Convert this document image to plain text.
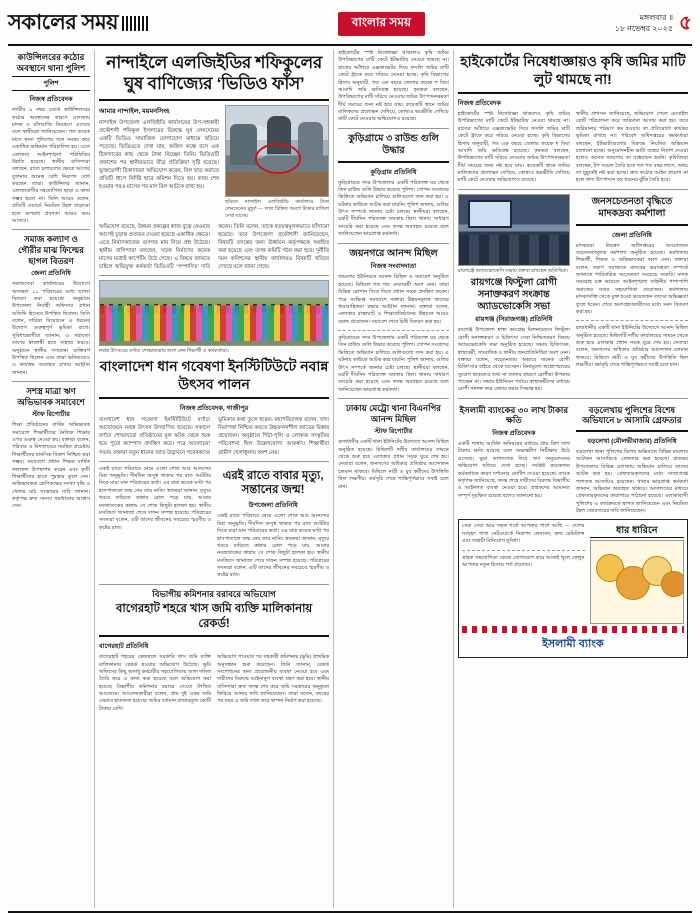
সকালের সময়	বাংলার সময়	মঙ্গলবার ॥
১৮ নভেম্বর ২০২৫ ৫
কাউন্সিলরের কঠোর অবস্থানে থানা পুলিশ
পুলিশ
নিজস্ব প্রতিবেদক
নগরীর ৯ নম্বর ওয়ার্ড কাউন্সিলরের কঠোর অবস্থানের কারণে এলাকায় মাদক ও চাঁদাবাজি নিয়ন্ত্রণে এসেছে বলে স্থানীয়রা জানিয়েছেন। গত কয়েক মাসে থানা পুলিশের সঙ্গে সমন্বয় করে একাধিক অভিযান পরিচালিত হয়। এতে এলাকার আইনশৃঙ্খলা পরিস্থিতির উন্নতি হয়েছে। স্থানীয় বাসিন্দারা বলছেন, রাতে চলাচলের ক্ষেত্রে আগের তুলনায় অনেক বেশি নিরাপদ বোধ করছেন তারা। কাউন্সিলর জানান, এলাকাবাসীর সহযোগিতা ছাড়া এ কাজ সম্ভব হতো না। তিনি আরও বলেন, প্রতিটি ওয়ার্ডে নিয়মিত টহল বাড়ানো হলে অপরাধ প্রবণতা আরও কমে আসবে।
সমাজ কল্যাণ ও গৌরীর মাঝ ফিল্মের ছাগল বিতরণ
জেলা প্রতিনিধি
সমাজসেবা কার্যালয়ের উদ্যোগে অসচ্ছল ১১ পরিবারের মধ্যে ছাগল বিতরণ করা হয়েছে। অনুষ্ঠানে উপজেলা নির্বাহী অফিসার প্রধান অতিথি হিসেবে উপস্থিত ছিলেন। তিনি বলেন, দারিদ্র্য বিমোচনে এ ধরনের উদ্যোগ গুরুত্বপূর্ণ ভূমিকা রাখে। সুবিধাভোগীরা জানান, এ সহায়তা তাদের স্বাবলম্বী হতে সাহায্য করবে। অনুষ্ঠানে স্থানীয় গণ্যমান্য ব্যক্তিবর্গ উপস্থিত ছিলেন এবং তারা ভবিষ্যতেও এ কার্যক্রম অব্যাহত রাখার আহ্বান জানান।
সশস্ত্র মাত্রা ঋণ অভিভাবক সমাবেশে
স্টাফ রিপোর্টার
শিক্ষা প্রতিষ্ঠানের বার্ষিক অভিভাবক সমাবেশে শিক্ষার্থীদের নৈতিক শিক্ষার ওপর গুরুত্ব দেওয়া হয়। বক্তারা বলেন, পরিবার ও বিদ্যালয়ের সমন্বিত প্রচেষ্টায় শিক্ষার্থীদের মানসিক বিকাশ নিশ্চিত করা সম্ভব। সমাবেশে প্রধান শিক্ষক বার্ষিক ফলাফল উপস্থাপন করেন এবং কৃতী শিক্ষার্থীদের হাতে পুরস্কার তুলে দেন। অভিভাবকরা শ্রেণিকক্ষের সংখ্যা বৃদ্ধি ও খেলার মাঠ সংস্কারের দাবি জানান। কর্তৃপক্ষ দ্রুত সমস্যা সমাধানের আশ্বাস দেন।
নান্দাইলে এলজিইডির শফিকুলের ঘুষ বাণিজ্যের ‘ভিডিও ফাঁস’
আমার নান্দাইল, ময়মনসিংহ
নান্দাইল উপজেলা এলজিইডি কার্যালয়ের উপ-সহকারী প্রকৌশলী শফিকুল ইসলামের বিরুদ্ধে ঘুষ লেনদেনের একটি ভিডিও সামাজিক যোগাযোগ মাধ্যমে ছড়িয়ে পড়েছে। ভিডিওতে দেখা যায়, অফিস কক্ষে বসে এক ঠিকাদারের কাছ থেকে টাকা নিচ্ছেন তিনি। ভিডিওটি প্রকাশের পর স্থানীয়ভাবে তীব্র প্রতিক্রিয়া সৃষ্টি হয়েছে। ভুক্তভোগী ঠিকাদাররা অভিযোগ করেন, বিল ছাড় করাতে প্রতিটি ধাপে নির্দিষ্ট হারে কমিশন দিতে হয়। কাজ শেষ হওয়ার পরও মাসের পর মাস বিল আটকে রাখা হয়।
ছবিতে নান্দাইল এলজিইডি কার্যালয়ে টাকা লেনদেনের মুহূর্ত — লাল চিহ্নিত অংশে টাকার বান্ডিল দেখা যাচ্ছে।
অভিযোগ রয়েছে, উন্নয়ন প্রকল্পের কাজ বুঝে নেওয়ার আগেই চূড়ান্ত প্রত্যয়ন দেওয়া হয়েছে একাধিক ক্ষেত্রে। এতে নির্মাণকাজের গুণগত মান নিয়ে প্রশ্ন উঠেছে। স্থানীয় বাসিন্দারা বলছেন, সড়ক নির্মাণের কয়েক মাসের মধ্যেই কার্পেটিং উঠে গেছে। এ বিষয়ে জানতে চাইলে অভিযুক্ত কর্মকর্তা ভিডিওটি ‘সম্পাদিত’ দাবি করেন। তিনি বলেন, তাকে ষড়যন্ত্রমূলকভাবে ফাঁসানো হয়েছে। তবে উপজেলা প্রকৌশলী জানিয়েছেন, বিষয়টি তদন্তের জন্য ঊর্ধ্বতন কর্তৃপক্ষকে অবহিত করা হয়েছে এবং তদন্ত কমিটি গঠন করা হবে। দুর্নীতি দমন কমিশনের স্থানীয় কার্যালয়ও বিষয়টি খতিয়ে দেখছে বলে জানা গেছে।
নবান্ন উৎসবের বর্ণাঢ্য শোভাযাত্রায় অংশ নেন শিক্ষার্থী ও কর্মকর্তারা।
বাংলাদেশ ধান গবেষণা ইনস্টিটিউটে নবান্ন উৎসব পালন
নিজস্ব প্রতিবেদক, গাজীপুর
বাংলাদেশ ধান গবেষণা ইনস্টিটিউটে বর্ণাঢ্য আয়োজনে নবান্ন উৎসব উদযাপিত হয়েছে। সকালে বর্ণাঢ্য শোভাযাত্রা প্রতিষ্ঠানের মূল ফটক থেকে শুরু হয়ে পুরো ক্যাম্পাস প্রদক্ষিণ করে। পরে আলোচনা সভায় বক্তারা নতুন ধানের জাত উদ্ভাবনে গবেষকদের ভূমিকার কথা তুলে ধরেন। মহাপরিচালক বলেন, খাদ্য নিরাপত্তা নিশ্চিত করতে উচ্চফলনশীল জাতের বিস্তার প্রয়োজন। অনুষ্ঠানে পিঠা-পুলি ও লোকজ সংস্কৃতির পরিবেশনা ছিল উল্লেখযোগ্য আকর্ষণ। শিক্ষার্থীরা গ্রামীণ খেলাধুলায় অংশ নেয়।
একই রাতে পরিবারে নেমে এলো শোক আর আনন্দের মিশ্র অনুভূতি। দীর্ঘদিন অসুস্থ থাকার পর রাত আটটার দিকে মারা যান পরিবারের কর্তা। এর মাত্র কয়েক ঘণ্টা পর হাসপাতালে জন্ম নেয় তার নাতি। স্বজনরা জানান, মৃত্যুর খবরে বাড়িতে কান্নার রোল পড়ে যায়, আবার নবজাতকের কান্নায় সে শোক কিছুটা হালকা হয়। স্থানীয় মসজিদে জানাজা শেষে দাফন সম্পন্ন হয়েছে। পরিবারের সদস্যরা বলেন, এটি তাদের জীবনের সবচেয়ে স্মরণীয় ও কষ্টের রাত।
এরই রাতে বাবার মৃত্যু, সন্তানের জন্ম!
উপজেলা প্রতিনিধি
একই রাতে পরিবারে নেমে এলো শোক আর আনন্দের মিশ্র অনুভূতি। দীর্ঘদিন অসুস্থ থাকার পর রাত আটটার দিকে মারা যান পরিবারের কর্তা। এর মাত্র কয়েক ঘণ্টা পর হাসপাতালে জন্ম নেয় তার নাতি। স্বজনরা জানান, মৃত্যুর খবরে বাড়িতে কান্নার রোল পড়ে যায়, আবার নবজাতকের কান্নায় সে শোক কিছুটা হালকা হয়। স্থানীয় মসজিদে জানাজা শেষে দাফন সম্পন্ন হয়েছে। পরিবারের সদস্যরা বলেন, এটি তাদের জীবনের সবচেয়ে স্মরণীয় ও কষ্টের রাত।
বিভাগীয় কমিশনার বরাবরে অভিযোগ
বাগেরহাট শহরে খাস জমি ব্যক্তি মালিকানায় রেকর্ড!
বাগেরহাট প্রতিনিধি
বাগেরহাট শহরের কেন্দ্রস্থলে সরকারি খাস জমি ব্যক্তি মালিকানায় রেকর্ড হওয়ার অভিযোগ উঠেছে। ভূমি অফিসের কিছু অসাধু কর্মচারীর সহযোগিতায় জাল দলিল তৈরি করে এ কাজ করা হয়েছে বলে অভিযোগ করা হয়েছে বিভাগীয় কমিশনার বরাবর দেওয়া লিখিত আবেদনে। আবেদনকারীরা বলেন, প্রায় দুই একর জমি এভাবে হাতবদল হয়েছে। জমির বর্তমান বাজারমূল্য কোটি টাকার বেশি।
অভিযোগ পাওয়ার পর সহকারী কমিশনার (ভূমি) প্রাথমিক অনুসন্ধান শুরু করেছেন। তিনি জানান, রেকর্ড সংশোধনের জন্য প্রয়োজনীয় ব্যবস্থা নেওয়া হবে এবং দায়ীদের বিরুদ্ধে আইনানুগ ব্যবস্থা গ্রহণ করা হবে। স্থানীয় বাসিন্দারা দ্রুত তদন্ত শেষ করে জমি সরকারের অনুকূলে ফিরিয়ে আনার দাবি জানিয়েছেন। তারা বলেন, বছরের পর বছর এ জমি দখল করে স্থাপনা নির্মাণ করা হয়েছে।
হাইকোর্টের স্পষ্ট নিষেধাজ্ঞা থাকলেও কৃষি জমির উপরিভাগের মাটি কেটে ইটভাটায় নেওয়া থামছে না। রাতের আঁধারে এক্সকাভেটর দিয়ে ফসলি জমির মাটি কেটে ট্রাকে করে সরিয়ে নেওয়া হচ্ছে। কৃষি বিভাগের হিসাব অনুযায়ী, গত এক বছরে জেলার কয়েক শ বিঘা আবাদি জমি ক্ষতিগ্রস্ত হয়েছে। কৃষকরা বলছেন, উপরিভাগের মাটি সরিয়ে নেওয়ায় জমির উৎপাদনক্ষমতা দীর্ঘ সময়ের জন্য নষ্ট হয়ে যায়। কয়েকটি স্থানে জমির মালিকদের প্রলোভন দেখিয়ে, কোথাও ভয়ভীতি দেখিয়ে মাটি কেটে নেওয়ার অভিযোগও রয়েছে।
কুড়িগ্রামে ৩ রাউন্ড গুলি উদ্ধার
কুড়িগ্রাম প্রতিনিধি
কুড়িগ্রামের সদর উপজেলার একটি পরিত্যক্ত ঘর থেকে তিন রাউন্ড গুলি উদ্ধার করেছে পুলিশ। গোপন সংবাদের ভিত্তিতে অভিযান চালিয়ে গুলিগুলো জব্দ করা হয়। এ ঘটনায় কাউকে আটক করা যায়নি। পুলিশ জানায়, গুলির উৎস সম্পর্কে জানার চেষ্টা চলছে। স্থানীয়রা বলছেন, ঘরটি দীর্ঘদিন পরিত্যক্ত অবস্থায় ছিল। থানায় সাধারণ ডায়েরি করা হয়েছে এবং তদন্ত অব্যাহত রয়েছে বলে জানিয়েছেন ভারপ্রাপ্ত কর্মকর্তা।
জয়নগরে আনন্দ মিছিল
নিজস্ব সংবাদদাতা
জয়নগর ইউনিয়নে আনন্দ মিছিল ও সমাবেশ অনুষ্ঠিত হয়েছে। মিছিলে শত শত নেতাকর্মী অংশ নেন। তারা বিভিন্ন স্লোগান দিতে দিতে প্রধান সড়ক প্রদক্ষিণ করেন। পরে সংক্ষিপ্ত সমাবেশে বক্তারা উন্নয়নমূলক কাজের ধারাবাহিকতা রক্ষার আহ্বান জানান। বক্তারা বলেন, এলাকার রাস্তাঘাট ও শিক্ষাপ্রতিষ্ঠানের উন্নয়নে আরও বরাদ্দ প্রয়োজন। সমাবেশ শেষে মিষ্টি বিতরণ করা হয়।
কুড়িগ্রামের সদর উপজেলার একটি পরিত্যক্ত ঘর থেকে তিন রাউন্ড গুলি উদ্ধার করেছে পুলিশ। গোপন সংবাদের ভিত্তিতে অভিযান চালিয়ে গুলিগুলো জব্দ করা হয়। এ ঘটনায় কাউকে আটক করা যায়নি। পুলিশ জানায়, গুলির উৎস সম্পর্কে জানার চেষ্টা চলছে। স্থানীয়রা বলছেন, ঘরটি দীর্ঘদিন পরিত্যক্ত অবস্থায় ছিল। থানায় সাধারণ ডায়েরি করা হয়েছে এবং তদন্ত অব্যাহত রয়েছে বলে জানিয়েছেন ভারপ্রাপ্ত কর্মকর্তা।
ঢাকায় মেট্রো থানা বিএনপির আনন্দ মিছিল
স্টাফ রিপোর্টার
রাজধানীর একটি থানা ইউনিটের উদ্যোগে আনন্দ মিছিল অনুষ্ঠিত হয়েছে। মিছিলটি দলীয় কার্যালয়ের সামনে থেকে শুরু হয়ে এলাকার প্রধান সড়ক ঘুরে শেষ হয়। নেতারা বলেন, জনগণের অধিকার প্রতিষ্ঠার আন্দোলন চলমান থাকবে। মিছিলে নারী ও যুব কর্মীদের উপস্থিতি ছিল লক্ষণীয়। কর্মসূচি শেষে শান্তিপূর্ণভাবে সবাই চলে যান।
হাইকোর্টের নিষেধাজ্ঞায়ও কৃষি জমির মাটি লুট থামছে না!
নিজস্ব প্রতিবেদক
হাইকোর্টের স্পষ্ট নিষেধাজ্ঞা থাকলেও কৃষি জমির উপরিভাগের মাটি কেটে ইটভাটায় নেওয়া থামছে না। রাতের আঁধারে এক্সকাভেটর দিয়ে ফসলি জমির মাটি কেটে ট্রাকে করে সরিয়ে নেওয়া হচ্ছে। কৃষি বিভাগের হিসাব অনুযায়ী, গত এক বছরে জেলার কয়েক শ বিঘা আবাদি জমি ক্ষতিগ্রস্ত হয়েছে। কৃষকরা বলছেন, উপরিভাগের মাটি সরিয়ে নেওয়ায় জমির উৎপাদনক্ষমতা দীর্ঘ সময়ের জন্য নষ্ট হয়ে যায়। কয়েকটি স্থানে জমির মালিকদের প্রলোভন দেখিয়ে, কোথাও ভয়ভীতি দেখিয়ে মাটি কেটে নেওয়ার অভিযোগও রয়েছে।
স্থানীয় প্রশাসন জানিয়েছে, অভিযোগ পেলে মোবাইল কোর্ট পরিচালনা করে জরিমানা আদায় করা হয়। তবে জরিমানার পরিমাণ কম হওয়ায় তা প্রতিরোধে কার্যকর ভূমিকা রাখছে না। পরিবেশ অধিদপ্তরের কর্মকর্তারা বলছেন, ইটভাটাগুলোর বিরুদ্ধে নিয়মিত অভিযান চালানো হচ্ছে। অনুমোদনহীন ভাটা বন্ধের নির্দেশ দেওয়া হলেও অনেক জায়গায় তা বাস্তবায়ন হয়নি। কৃষিবিদরা বলছেন, টপ সয়েল তৈরি হতে শত শত বছর লাগে, অথচ তা মুহূর্তেই নষ্ট করা হচ্ছে। দ্রুত কঠোর আইন প্রয়োগ না হলে খাদ্য উৎপাদনে বড় ধরনের ঝুঁকি তৈরি হবে।
রায়গঞ্জে অ্যাডভোকেসি সভায় বক্তব্য রাখছেন অতিথিরা।
রায়গঞ্জে ফিস্টুলা রোগী সনাক্তকরণ সংক্রান্ত অ্যাডভোকেসি সভা
রায়গঞ্জ (সিরাজগঞ্জ) প্রতিনিধি
রায়গঞ্জ উপজেলা স্বাস্থ্য কমপ্লেক্স মিলনায়তনে ফিস্টুলা রোগী সনাক্তকরণ ও চিকিৎসা সেবা নিশ্চিতকরণ বিষয়ে অ্যাডভোকেসি সভা অনুষ্ঠিত হয়েছে। সভায় চিকিৎসক, স্বাস্থ্যকর্মী, সাংবাদিক ও স্থানীয় জনপ্রতিনিধিরা অংশ নেন। বক্তারা বলেন, সচেতনতার অভাবে অনেক রোগী চিকিৎসার বাইরে থেকে যাচ্ছেন। বিনামূল্যে অস্ত্রোপচারের সুযোগ থাকলেও তথ্য না জানার কারণে রোগীরা উপকার পাচ্ছেন না। সভায় ইউনিয়ন পর্যায়ে স্বাস্থ্যকর্মীদের মাধ্যমে রোগী সনাক্ত করে রেফার করার সিদ্ধান্ত হয়।
জনসচেতনতা বৃদ্ধিতে মাদকদ্রব্য কর্মশালা
জেলা প্রতিনিধি
মাদকদ্রব্য নিয়ন্ত্রণ অধিদপ্তরের আয়োজনে সচেতনতামূলক কর্মশালা অনুষ্ঠিত হয়েছে। কর্মশালায় শিক্ষার্থী, শিক্ষক ও অভিভাবকরা অংশ নেন। বক্তারা বলেন, তরুণ সমাজকে মাদকের ভয়াবহতা সম্পর্কে জানাতে পারিবারিক সচেতনতা সবচেয়ে জরুরি। মাদক সরবরাহ চক্র ভাঙতে আইনশৃঙ্খলা বাহিনীর পাশাপাশি সমাজের সবার সহযোগিতা প্রয়োজন। কর্মশালায় মাদকাসক্তি থেকে মুক্ত হওয়া কয়েকজন তাদের অভিজ্ঞতা তুলে ধরেন। শেষে অংশগ্রহণকারীদের মধ্যে সনদ বিতরণ করা হয়।
রাজধানীর একটি থানা ইউনিটের উদ্যোগে আনন্দ মিছিল অনুষ্ঠিত হয়েছে। মিছিলটি দলীয় কার্যালয়ের সামনে থেকে শুরু হয়ে এলাকার প্রধান সড়ক ঘুরে শেষ হয়। নেতারা বলেন, জনগণের অধিকার প্রতিষ্ঠার আন্দোলন চলমান থাকবে। মিছিলে নারী ও যুব কর্মীদের উপস্থিতি ছিল লক্ষণীয়। কর্মসূচি শেষে শান্তিপূর্ণভাবে সবাই চলে যান।
ইসলামী ব্যাংকের ৩০ লাখ টাকার ক্ষতি
নিজস্ব প্রতিবেদক
একটি শাখায় আর্থিক অনিয়মের মাধ্যমে প্রায় ত্রিশ লাখ টাকার ক্ষতি হয়েছে বলে অভ্যন্তরীণ নিরীক্ষায় উঠে এসেছে। ভুয়া কাগজপত্র দিয়ে ঋণ অনুমোদনের অভিযোগ খতিয়ে দেখা হচ্ছে। সংশ্লিষ্ট কয়েকজন কর্মকর্তাকে কারণ দর্শানোর নোটিশ দেওয়া হয়েছে। ব্যাংক কর্তৃপক্ষ জানিয়েছে, তদন্ত শেষে দায়ীদের বিরুদ্ধে বিভাগীয় ও আইনগত ব্যবস্থা নেওয়া হবে। গ্রাহকদের আমানত সম্পূর্ণ সুরক্ষিত রয়েছে বলেও জানানো হয়।
বড়লেখায় পুলিশের বিশেষ অভিযানে ৮ আসামি গ্রেফতার
বড়লেখা (মৌলভীবাজার) প্রতিনিধি
বড়লেখা থানা পুলিশের বিশেষ অভিযানে বিভিন্ন মামলার আটজন আসামিকে গ্রেফতার করা হয়েছে। রাতভর উপজেলার বিভিন্ন এলাকায় অভিযান চালিয়ে তাদের আটক করা হয়। গ্রেফতারকৃতদের মধ্যে সাজাপ্রাপ্ত পলাতক আসামিও রয়েছেন। থানার ভারপ্রাপ্ত কর্মকর্তা জানান, অভিযান অব্যাহত থাকবে। আদালতের মাধ্যমে গ্রেফতারকৃতদের কারাগারে পাঠানো হয়েছে। এলাকাবাসী পুলিশের এ কার্যক্রমকে স্বাগত জানিয়েছেন এবং নিয়মিত টহল জোরদারের দাবি জানিয়েছেন।
সেরা সেবা আর সহজ শর্তে আপনার পাশে আছি — দেশের সর্ববৃহৎ শাখা নেটওয়ার্কে নিরাপদ লেনদেন, দ্রুত রেমিট্যান্স এবং সাশ্রয়ী বিনিয়োগ সুবিধা।
গ্রাহক সহযোগিতা কেন্দ্রে যোগাযোগ করে আজই খুলে ফেলুন আপনার নতুন হিসাব। শর্ত প্রযোজ্য।
ধার ধারিনে
ইসলামী ব্যাংক
